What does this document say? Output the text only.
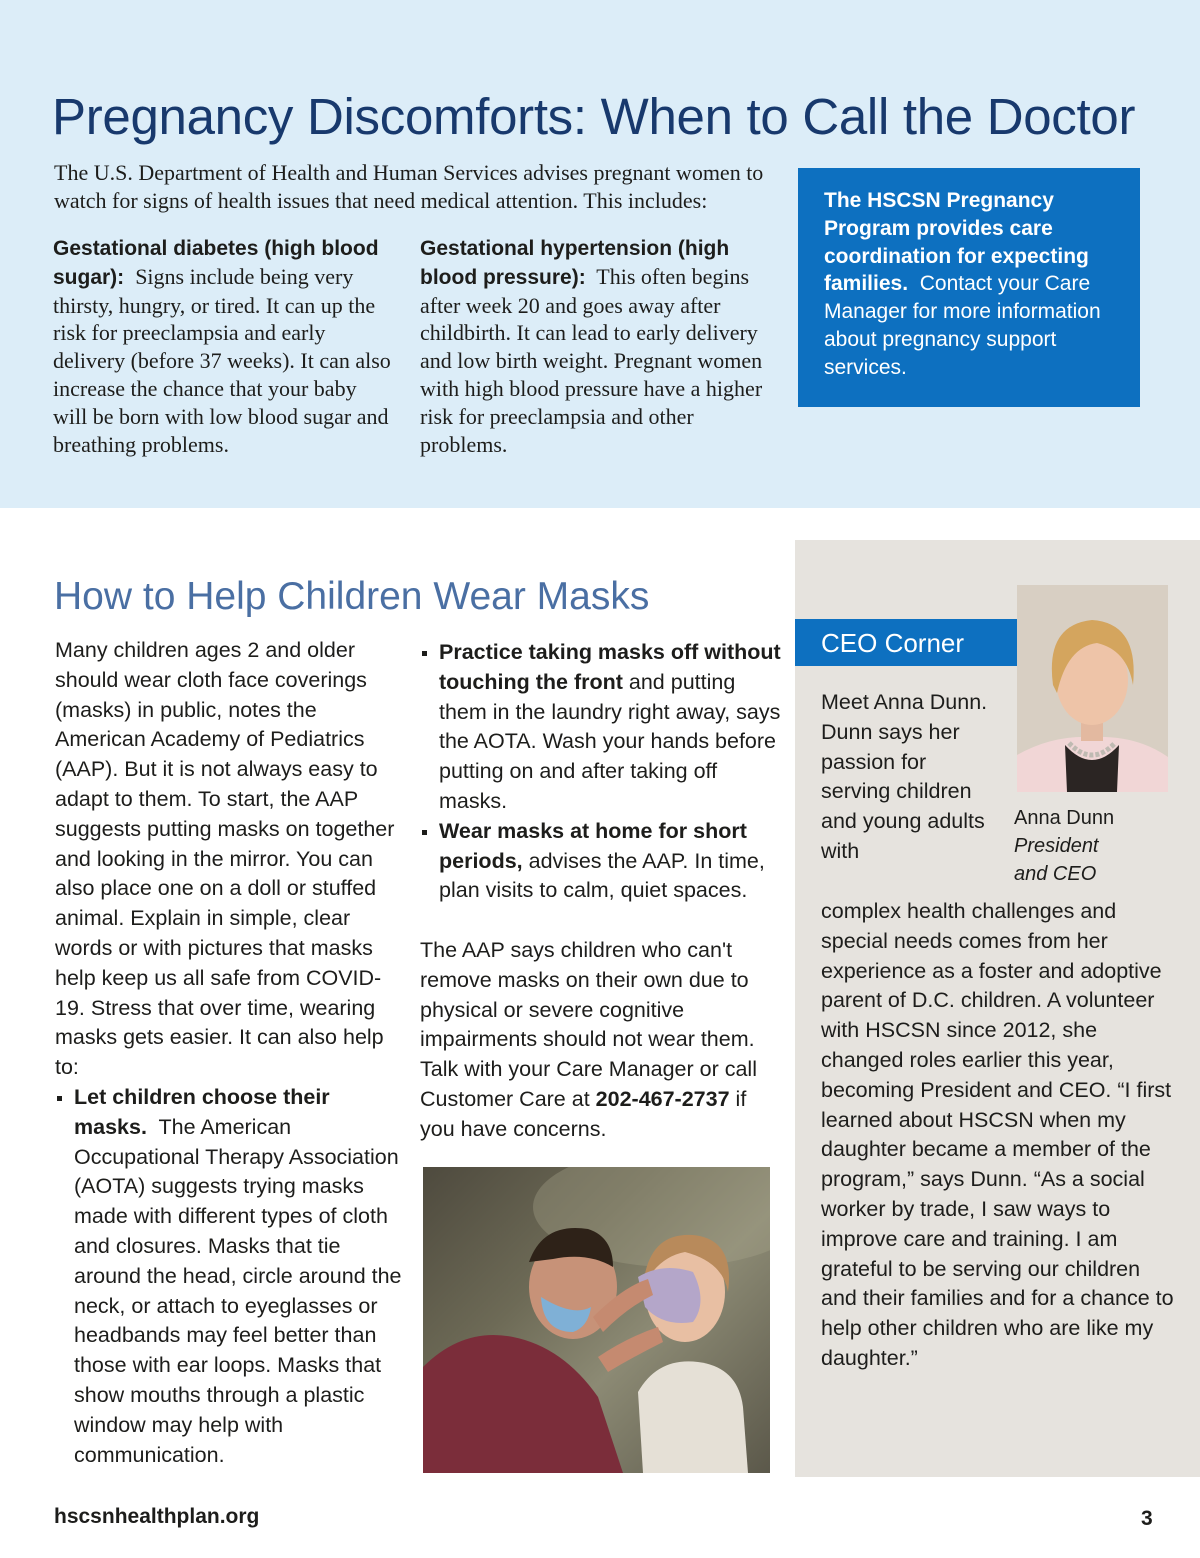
Pregnancy Discomforts: When to Call the Doctor

The U.S. Department of Health and Human Services advises pregnant women to watch for signs of health issues that need medical attention. This includes:

Gestational diabetes (high blood sugar): Signs include being very thirsty, hungry, or tired. It can up the risk for preeclampsia and early delivery (before 37 weeks). It can also increase the chance that your baby will be born with low blood sugar and breathing problems.

Gestational hypertension (high blood pressure): This often begins after week 20 and goes away after childbirth. It can lead to early delivery and low birth weight. Pregnant women with high blood pressure have a higher risk for preeclampsia and other problems.

The HSCSN Pregnancy Program provides care coordination for expecting families. Contact your Care Manager for more information about pregnancy support services.
How to Help Children Wear Masks

Many children ages 2 and older should wear cloth face coverings (masks) in public, notes the American Academy of Pediatrics (AAP). But it is not always easy to adapt to them. To start, the AAP suggests putting masks on together and looking in the mirror. You can also place one on a doll or stuffed animal. Explain in simple, clear words or with pictures that masks help keep us all safe from COVID-19. Stress that over time, wearing masks gets easier. It can also help to:

Let children choose their masks. The American Occupational Therapy Association (AOTA) suggests trying masks made with different types of cloth and closures. Masks that tie around the head, circle around the neck, or attach to eyeglasses or headbands may feel better than those with ear loops. Masks that show mouths through a plastic window may help with communication.
Practice taking masks off without touching the front and putting them in the laundry right away, says the AOTA. Wash your hands before putting on and after taking off masks.
Wear masks at home for short periods, advises the AAP. In time, plan visits to calm, quiet spaces.

The AAP says children who can't remove masks on their own due to physical or severe cognitive impairments should not wear them. Talk with your Care Manager or call Customer Care at 202-467-2737 if you have concerns.

CEO Corner
Anna Dunn
President
and CEO

Meet Anna Dunn. Dunn says her passion for serving children and young adults with

complex health challenges and special needs comes from her experience as a foster and adoptive parent of D.C. children. A volunteer with HSCSN since 2012, she changed roles earlier this year, becoming President and CEO. “I first learned about HSCSN when my daughter became a member of the program,” says Dunn. “As a social worker by trade, I saw ways to improve care and training. I am grateful to be serving our children and their families and for a chance to help other children who are like my daughter.”

hscsnhealthplan.org	3
